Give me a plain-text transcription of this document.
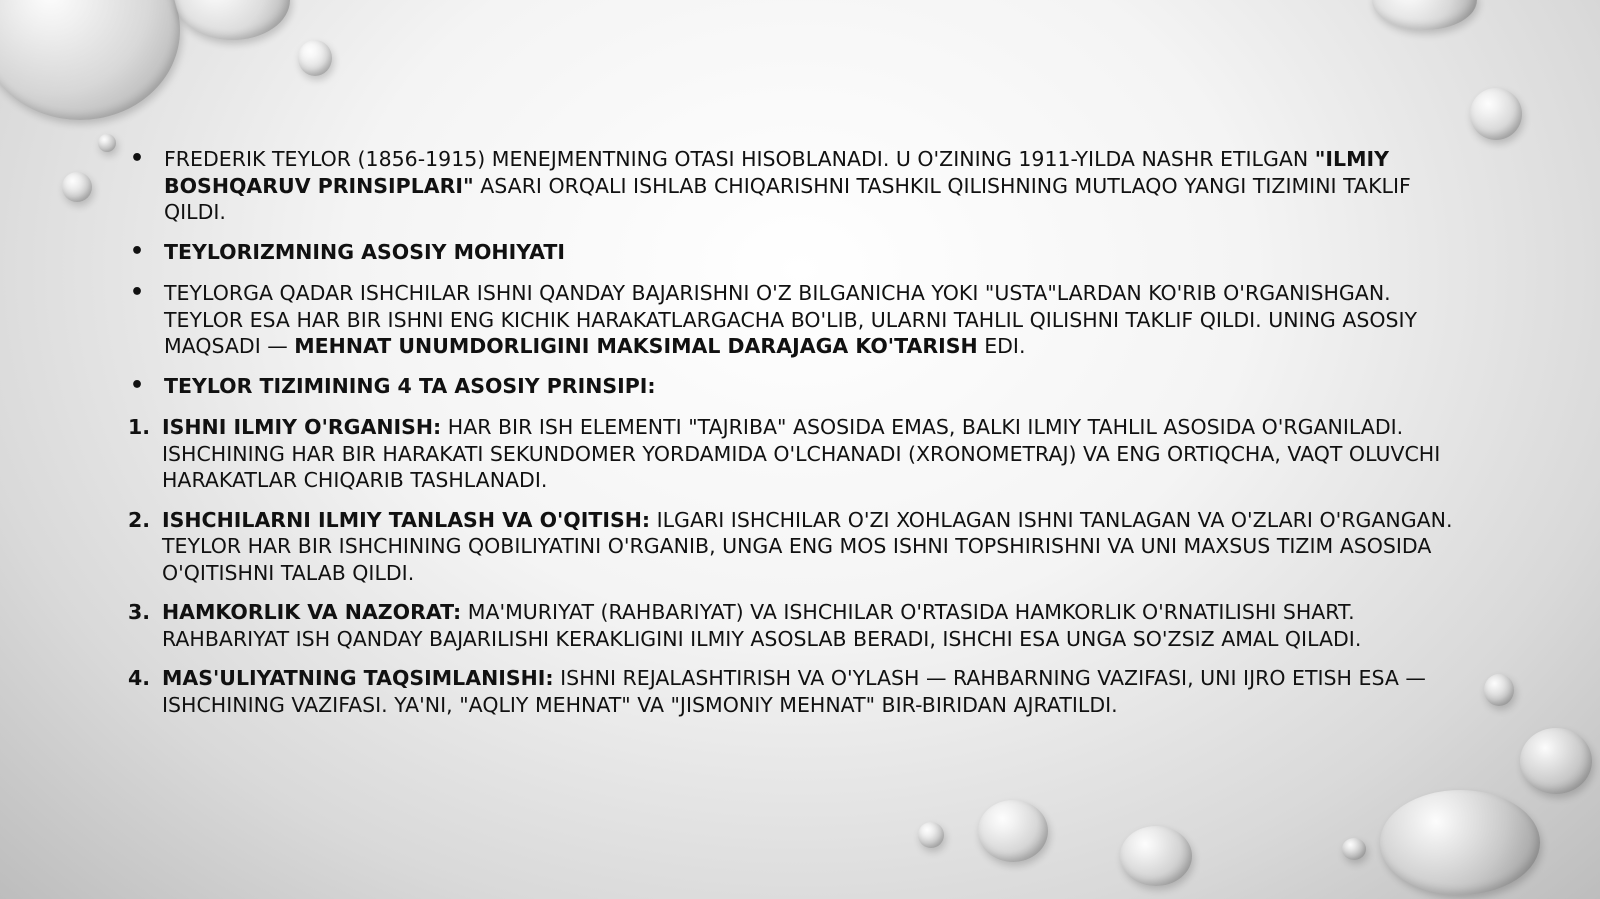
•
FREDERIK TEYLOR (1856-1915) MENEJMENTNING OTASI HISOBLANADI. U O'ZINING 1911-YILDA NASHR ETILGAN "ILMIY BOSHQARUV PRINSIPLARI" ASARI ORQALI ISHLAB CHIQARISHNI TASHKIL QILISHNING MUTLAQO YANGI TIZIMINI TAKLIF QILDI.
•
TEYLORIZMNING ASOSIY MOHIYATI
•
TEYLORGA QADAR ISHCHILAR ISHNI QANDAY BAJARISHNI O'Z BILGANICHA YOKI "USTA"LARDAN KO'RIB O'RGANISHGAN. TEYLOR ESA HAR BIR ISHNI ENG KICHIK HARAKATLARGACHA BO'LIB, ULARNI TAHLIL QILISHNI TAKLIF QILDI. UNING ASOSIY MAQSADI — MEHNAT UNUMDORLIGINI MAKSIMAL DARAJAGA KO'TARISH EDI.
•
TEYLOR TIZIMINING 4 TA ASOSIY PRINSIPI:
1. ISHNI ILMIY O'RGANISH: HAR BIR ISH ELEMENTI "TAJRIBA" ASOSIDA EMAS, BALKI ILMIY TAHLIL ASOSIDA O'RGANILADI. ISHCHINING HAR BIR HARAKATI SEKUNDOMER YORDAMIDA O'LCHANADI (XRONOMETRAJ) VA ENG ORTIQCHA, VAQT OLUVCHI HARAKATLAR CHIQARIB TASHLANADI.
2. ISHCHILARNI ILMIY TANLASH VA O'QITISH: ILGARI ISHCHILAR O'ZI XOHLAGAN ISHNI TANLAGAN VA O'ZLARI O'RGANGAN. TEYLOR HAR BIR ISHCHINING QOBILIYATINI O'RGANIB, UNGA ENG MOS ISHNI TOPSHIRISHNI VA UNI MAXSUS TIZIM ASOSIDA O'QITISHNI TALAB QILDI.
3. HAMKORLIK VA NAZORAT: MA'MURIYAT (RAHBARIYAT) VA ISHCHILAR O'RTASIDA HAMKORLIK O'RNATILISHI SHART. RAHBARIYAT ISH QANDAY BAJARILISHI KERAKLIGINI ILMIY ASOSLAB BERADI, ISHCHI ESA UNGA SO'ZSIZ AMAL QILADI.
4. MAS'ULIYATNING TAQSIMLANISHI: ISHNI REJALASHTIRISH VA O'YLASH — RAHBARNING VAZIFASI, UNI IJRO ETISH ESA — ISHCHINING VAZIFASI. YA'NI, "AQLIY MEHNAT" VA "JISMONIY MEHNAT" BIR-BIRIDAN AJRATILDI.
